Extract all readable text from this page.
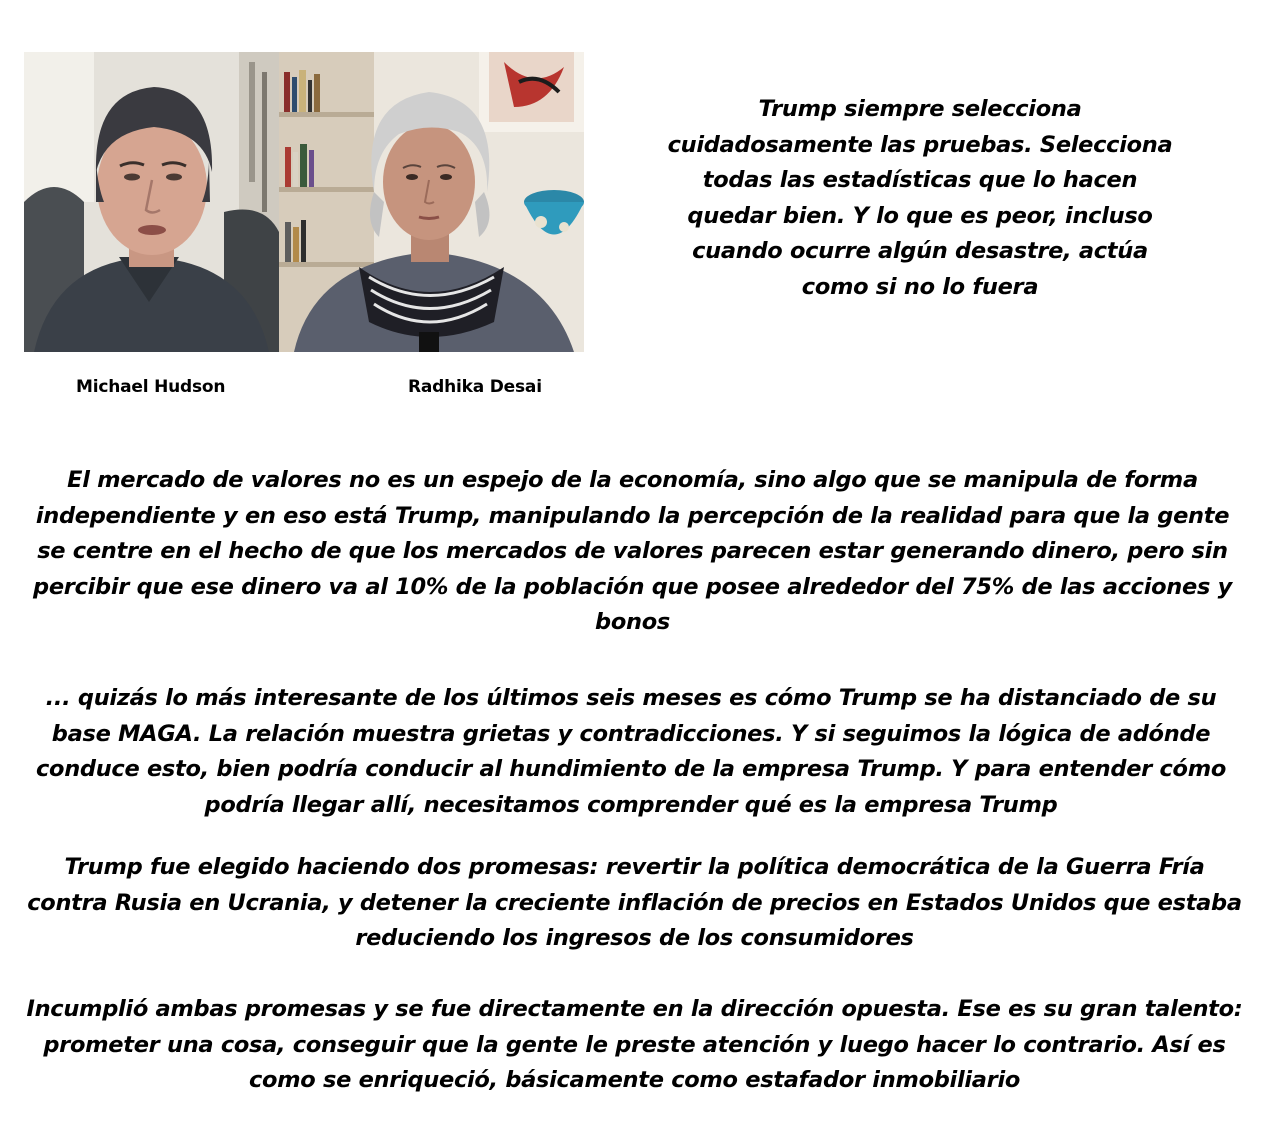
Michael Hudson	Radhika Desai

Trump siempre selecciona cuidadosamente las pruebas. Selecciona todas las estadísticas que lo hacen quedar bien. Y lo que es peor, incluso cuando ocurre algún desastre, actúa como si no lo fuera

El mercado de valores no es un espejo de la economía, sino algo que se manipula de forma independiente y en eso está Trump, manipulando la percepción de la realidad para que la gente se centre en el hecho de que los mercados de valores parecen estar generando dinero, pero sin percibir que ese dinero va al 10% de la población que posee alrededor del 75% de las acciones y bonos

... quizás lo más interesante de los últimos seis meses es cómo Trump se ha distanciado de su base MAGA. La relación muestra grietas y contradicciones. Y si seguimos la lógica de adónde conduce esto, bien podría conducir al hundimiento de la empresa Trump. Y para entender cómo podría llegar allí, necesitamos comprender qué es la empresa Trump

Trump fue elegido haciendo dos promesas: revertir la política democrática de la Guerra Fría contra Rusia en Ucrania, y detener la creciente inflación de precios en Estados Unidos que estaba reduciendo los ingresos de los consumidores

Incumplió ambas promesas y se fue directamente en la dirección opuesta. Ese es su gran talento: prometer una cosa, conseguir que la gente le preste atención y luego hacer lo contrario. Así es como se enriqueció, básicamente como estafador inmobiliario
